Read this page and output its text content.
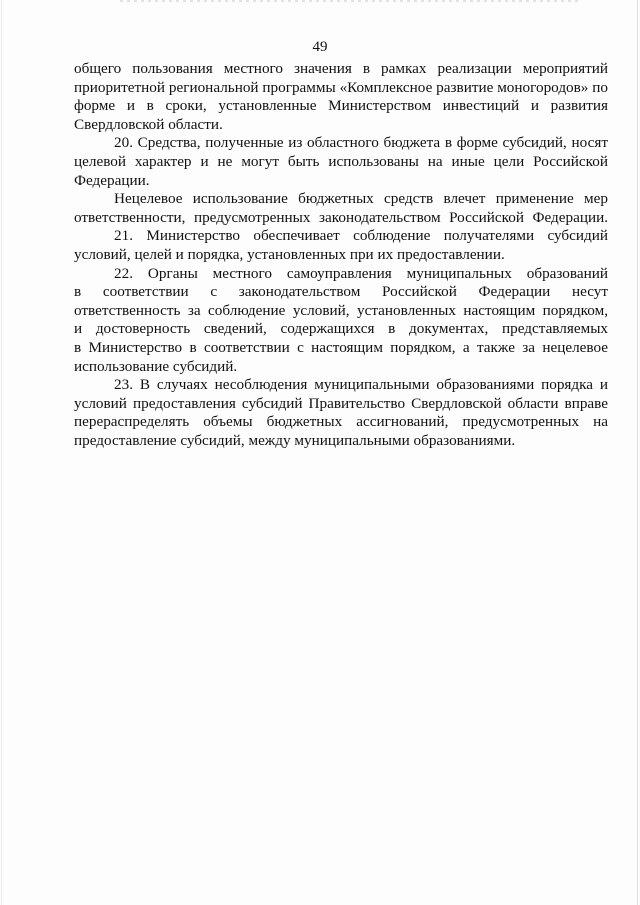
49
общего пользования местного значения в рамках реализации мероприятий
приоритетной региональной программы «Комплексное развитие моногородов» по
форме и в сроки, установленные Министерством инвестиций и развития
Свердловской области.
20. Средства, полученные из областного бюджета в форме субсидий, носят
целевой характер и не могут быть использованы на иные цели Российской
Федерации.
Нецелевое использование бюджетных средств влечет применение мер
ответственности, предусмотренных законодательством Российской Федерации.
21. Министерство обеспечивает соблюдение получателями субсидий
условий, целей и порядка, установленных при их предоставлении.
22. Органы местного самоуправления муниципальных образований
в соответствии с законодательством Российской Федерации несут
ответственность за соблюдение условий, установленных настоящим порядком,
и достоверность сведений, содержащихся в документах, представляемых
в Министерство в соответствии с настоящим порядком, а также за нецелевое
использование субсидий.
23. В случаях несоблюдения муниципальными образованиями порядка и
условий предоставления субсидий Правительство Свердловской области вправе
перераспределять объемы бюджетных ассигнований, предусмотренных на
предоставление субсидий, между муниципальными образованиями.
